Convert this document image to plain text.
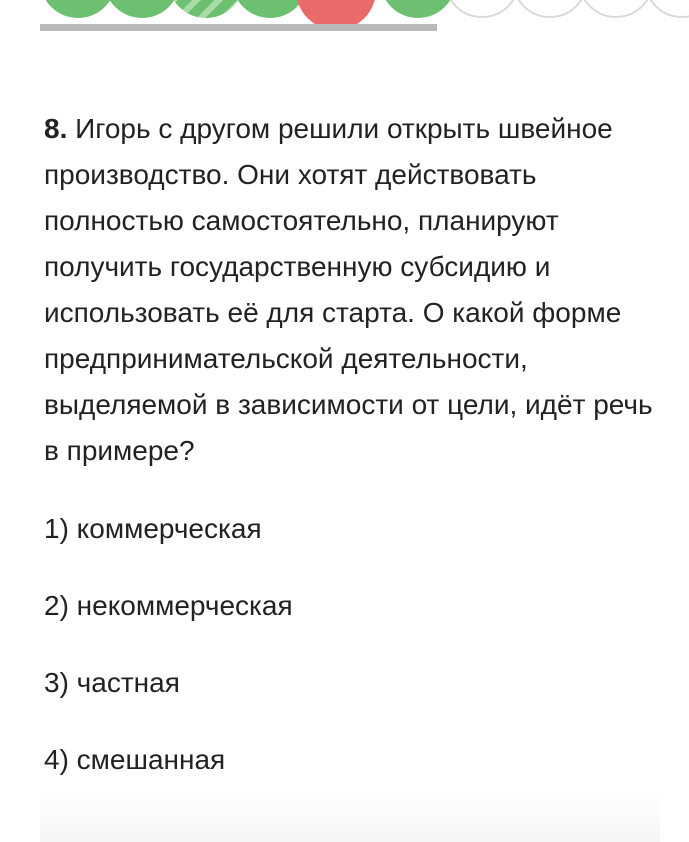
8. Игорь с другом решили открыть швейное производство. Они хотят действовать полностью самостоятельно, планируют получить государственную субсидию и использовать её для старта. О какой форме предпринимательской деятельности, выделяемой в зависимости от цели, идёт речь в примере?
1) коммерческая
2) некоммерческая
3) частная
4) смешанная
